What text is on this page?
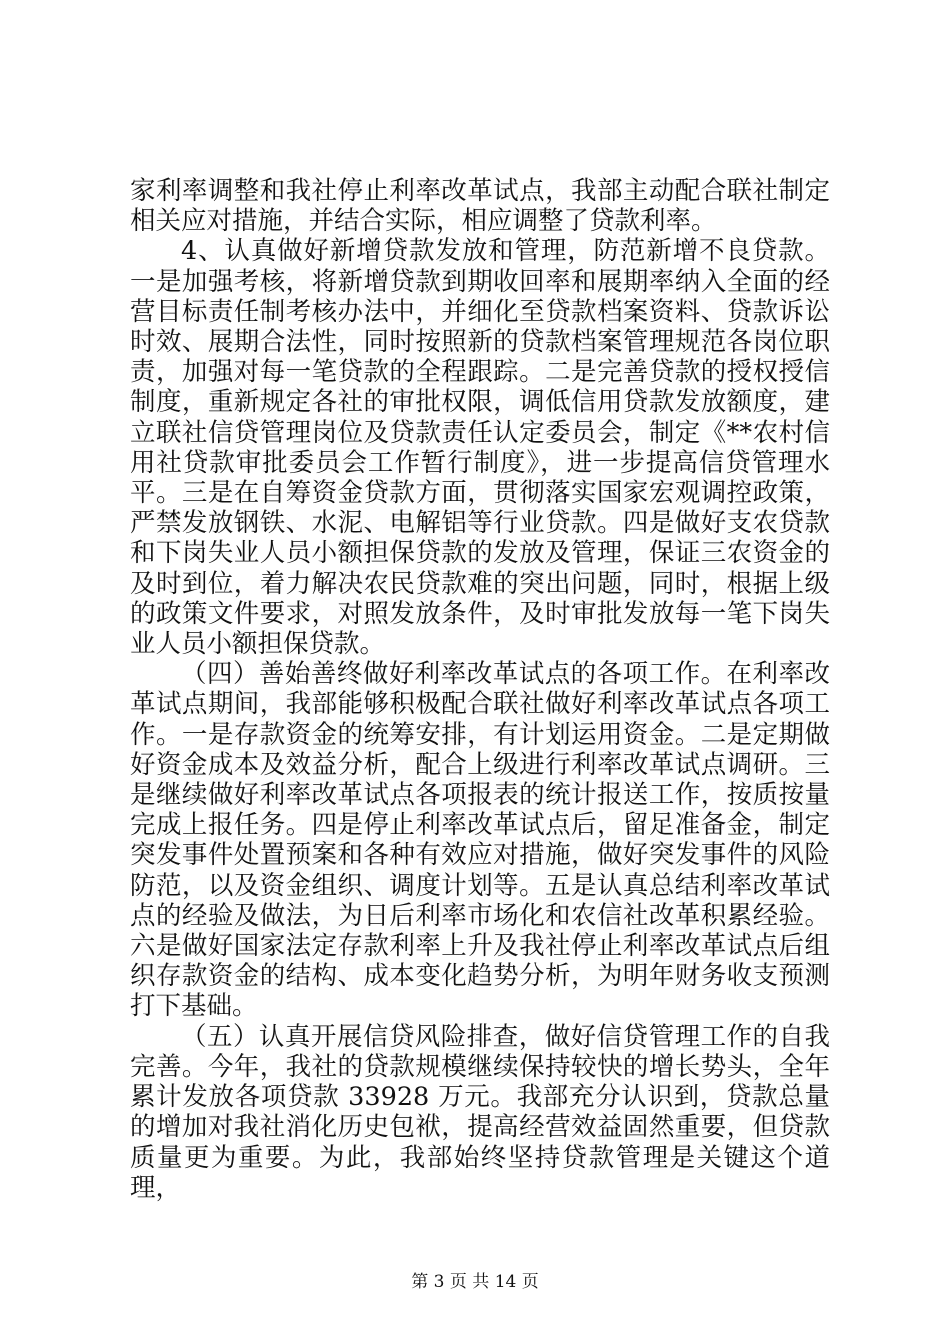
家利率调整和我社停止利率改革试点，我部主动配合联社制定相关应对措施，并结合实际，相应调整了贷款利率。

4、认真做好新增贷款发放和管理，防范新增不良贷款。一是加强考核，将新增贷款到期收回率和展期率纳入全面的经营目标责任制考核办法中，并细化至贷款档案资料、贷款诉讼时效、展期合法性，同时按照新的贷款档案管理规范各岗位职责，加强对每一笔贷款的全程跟踪。二是完善贷款的授权授信制度，重新规定各社的审批权限，调低信用贷款发放额度，建立联社信贷管理岗位及贷款责任认定委员会，制定《**农村信用社贷款审批委员会工作暂行制度》，进一步提高信贷管理水平。三是在自筹资金贷款方面，贯彻落实国家宏观调控政策，严禁发放钢铁、水泥、电解铝等行业贷款。四是做好支农贷款和下岗失业人员小额担保贷款的发放及管理，保证三农资金的及时到位，着力解决农民贷款难的突出问题，同时，根据上级的政策文件要求，对照发放条件，及时审批发放每一笔下岗失业人员小额担保贷款。

（四）善始善终做好利率改革试点的各项工作。在利率改革试点期间，我部能够积极配合联社做好利率改革试点各项工作。一是存款资金的统筹安排，有计划运用资金。二是定期做好资金成本及效益分析，配合上级进行利率改革试点调研。三是继续做好利率改革试点各项报表的统计报送工作，按质按量完成上报任务。四是停止利率改革试点后，留足准备金，制定突发事件处置预案和各种有效应对措施，做好突发事件的风险防范，以及资金组织、调度计划等。五是认真总结利率改革试点的经验及做法，为日后利率市场化和农信社改革积累经验。六是做好国家法定存款利率上升及我社停止利率改革试点后组织存款资金的结构、成本变化趋势分析，为明年财务收支预测打下基础。

（五）认真开展信贷风险排查，做好信贷管理工作的自我完善。今年，我社的贷款规模继续保持较快的增长势头，全年累计发放各项贷款 33928 万元。我部充分认识到，贷款总量的增加对我社消化历史包袱，提高经营效益固然重要，但贷款质量更为重要。为此，我部始终坚持贷款管理是关键这个道理，

第 3 页 共 14 页
